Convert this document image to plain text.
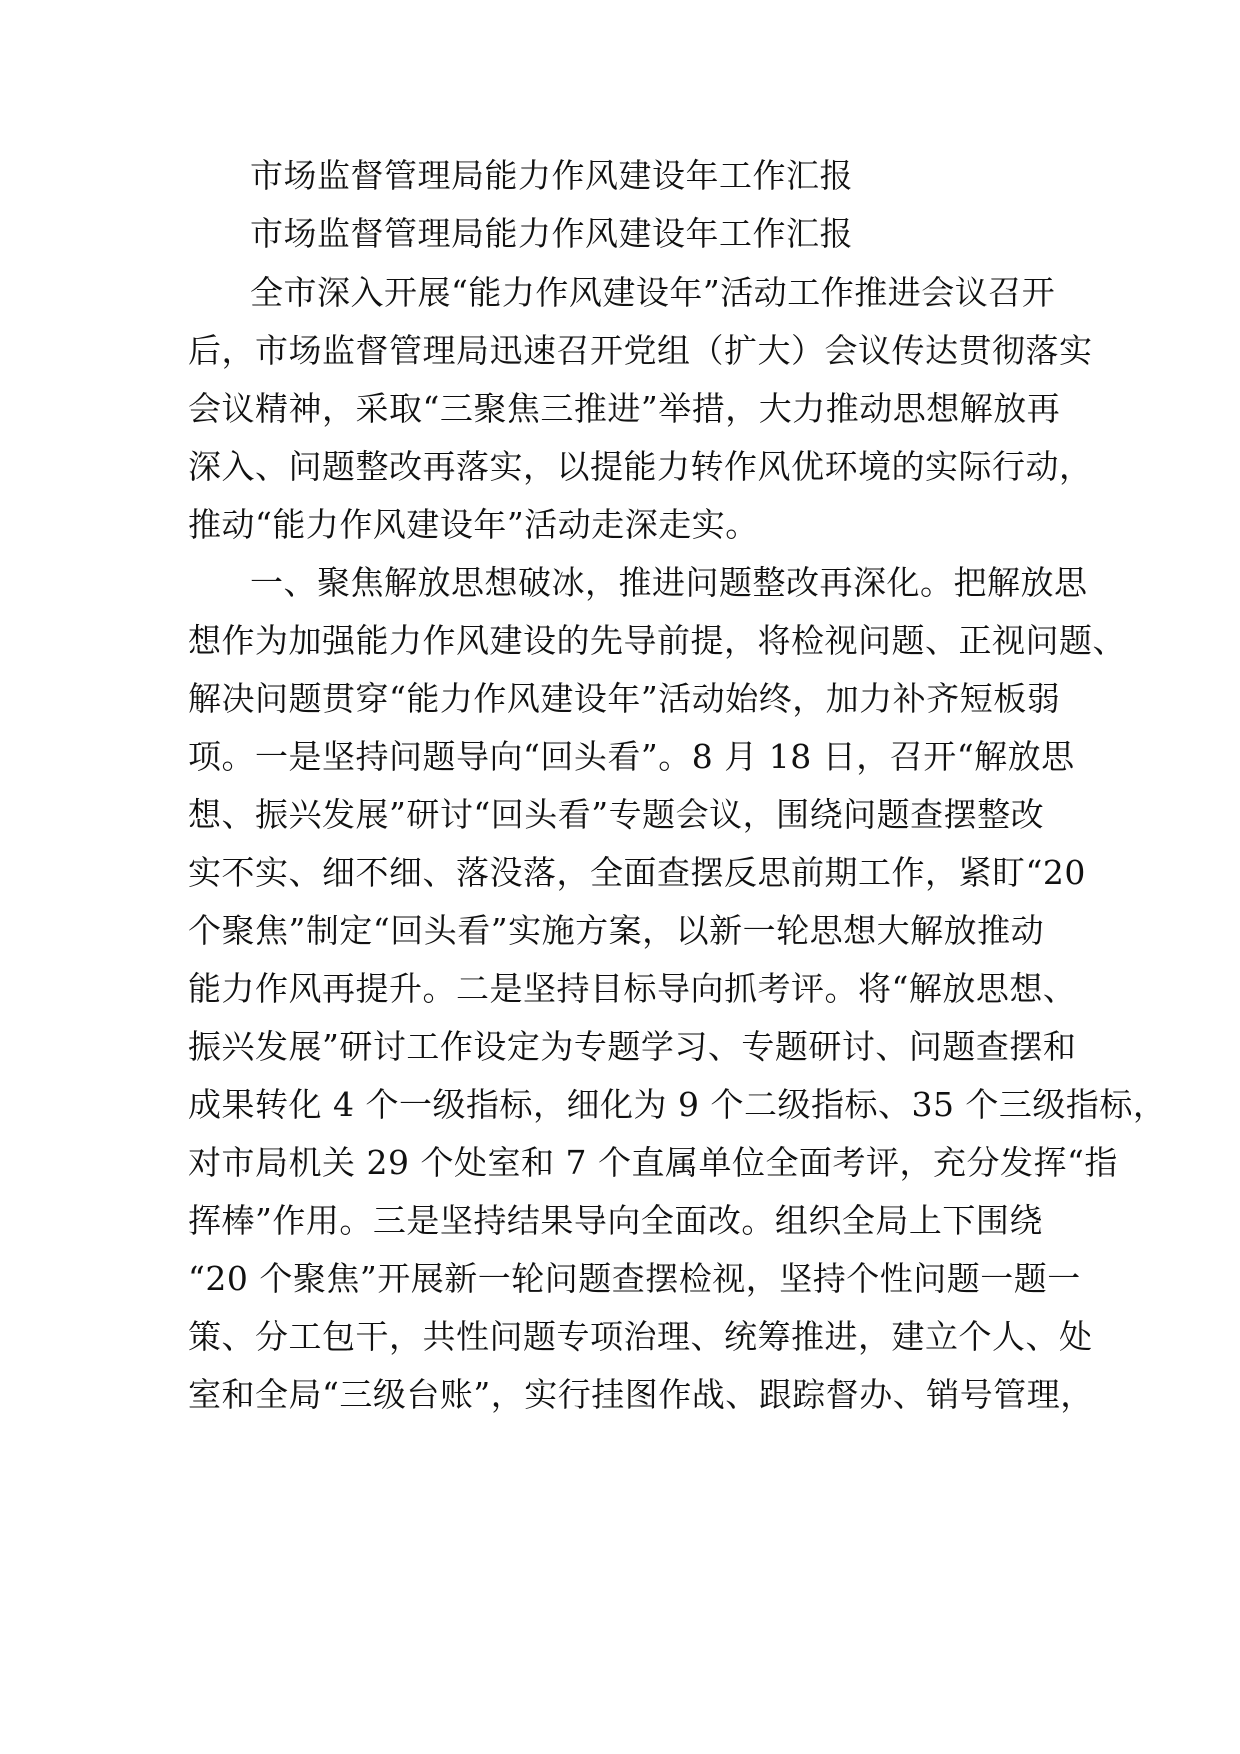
市场监督管理局能力作风建设年工作汇报
市场监督管理局能力作风建设年工作汇报
全市深入开展“能力作风建设年”活动工作推进会议召开
后，市场监督管理局迅速召开党组（扩大）会议传达贯彻落实
会议精神，采取“三聚焦三推进”举措，大力推动思想解放再
深入、问题整改再落实，以提能力转作风优环境的实际行动，
推动“能力作风建设年”活动走深走实。
一、聚焦解放思想破冰，推进问题整改再深化。把解放思
想作为加强能力作风建设的先导前提，将检视问题、正视问题、
解决问题贯穿“能力作风建设年”活动始终，加力补齐短板弱
项。一是坚持问题导向“回头看”。8 月 18 日，召开“解放思
想、振兴发展”研讨“回头看”专题会议，围绕问题查摆整改
实不实、细不细、落没落，全面查摆反思前期工作，紧盯“20
个聚焦”制定“回头看”实施方案，以新一轮思想大解放推动
能力作风再提升。二是坚持目标导向抓考评。将“解放思想、
振兴发展”研讨工作设定为专题学习、专题研讨、问题查摆和
成果转化 4 个一级指标，细化为 9 个二级指标、35 个三级指标，
对市局机关 29 个处室和 7 个直属单位全面考评，充分发挥“指
挥棒”作用。三是坚持结果导向全面改。组织全局上下围绕
“20 个聚焦”开展新一轮问题查摆检视，坚持个性问题一题一
策、分工包干，共性问题专项治理、统筹推进，建立个人、处
室和全局“三级台账”，实行挂图作战、跟踪督办、销号管理，
